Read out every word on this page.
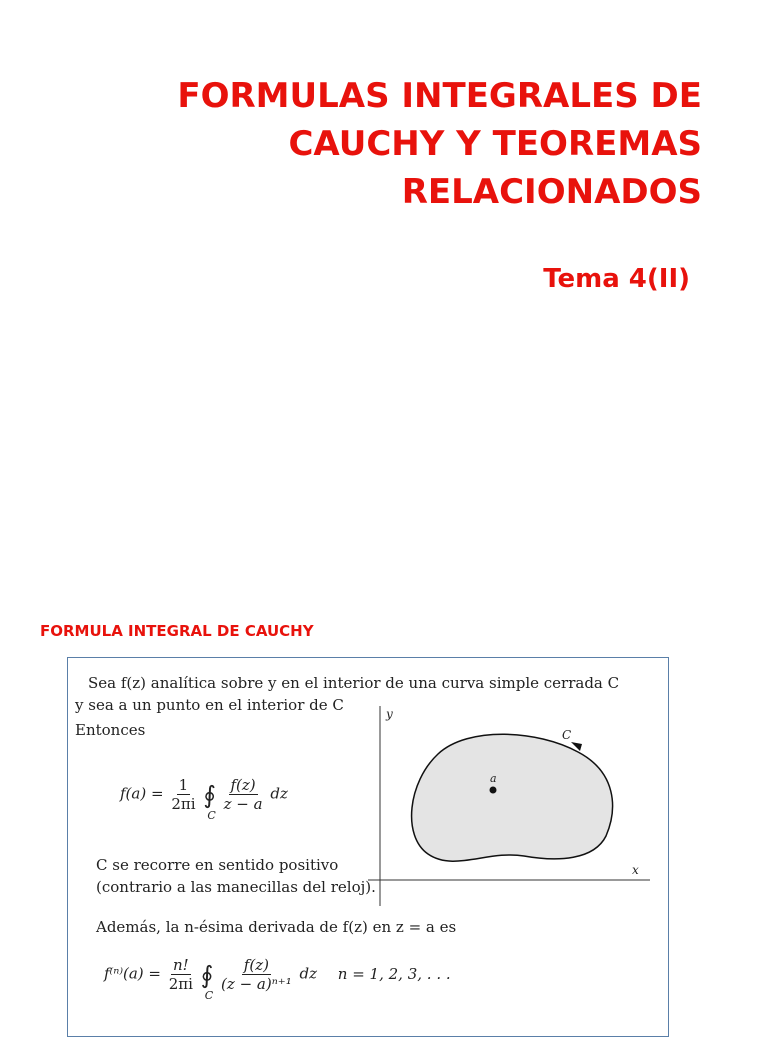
FORMULAS INTEGRALES DE
CAUCHY Y TEOREMAS
RELACIONADOS
Tema 4(II)
FORMULA INTEGRAL DE CAUCHY
Sea f(z) analítica sobre y en el interior de una curva simple cerrada C
y sea a un punto en el interior de C
Entonces
$f(a) = \frac{1}{2\pi i}$ ∮
C

$\frac{f(z)}{z - a}$ dz
C se recorre en sentido positivo
(contrario a las manecillas del reloj).
Además, la n-ésima derivada de f(z) en z = a es
$f^{(n)}(a) = \frac{n!}{2\pi i}$ ∮
C

$\frac{f(z)}{\text{(z − a)ⁿ⁺¹}}$ dz n = 1, 2, 3, . . .
y
x
C
a
